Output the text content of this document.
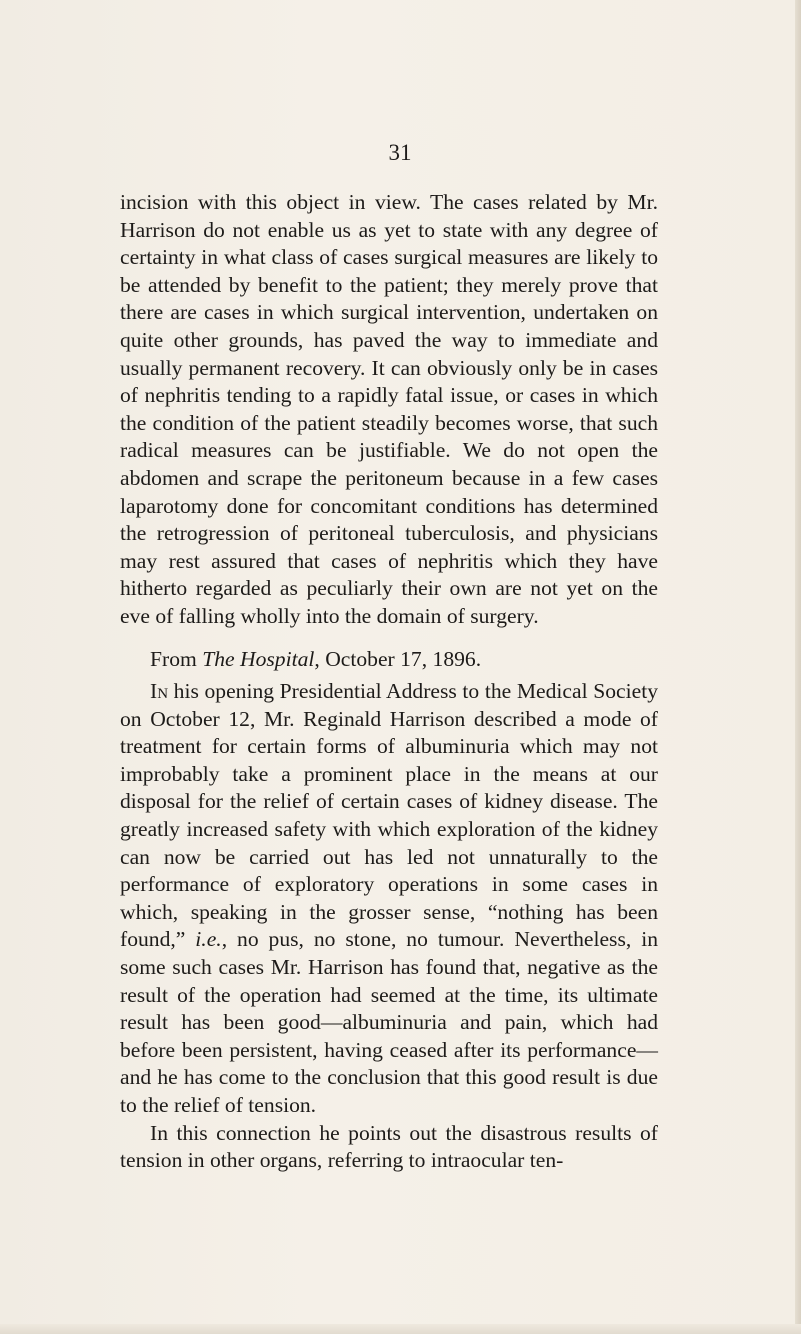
31

incision with this object in view. The cases related by Mr. Harrison do not enable us as yet to state with any degree of certainty in what class of cases surgical measures are likely to be attended by benefit to the patient; they merely prove that there are cases in which surgical intervention, undertaken on quite other grounds, has paved the way to immediate and usually permanent recovery. It can obviously only be in cases of nephritis tending to a rapidly fatal issue, or cases in which the condition of the patient steadily becomes worse, that such radical measures can be justifiable. We do not open the abdomen and scrape the peritoneum because in a few cases laparotomy done for concomitant conditions has determined the retrogression of peritoneal tuberculosis, and physicians may rest assured that cases of nephritis which they have hitherto regarded as peculiarly their own are not yet on the eve of falling wholly into the domain of surgery.

From The Hospital, October 17, 1896.

In his opening Presidential Address to the Medical Society on October 12, Mr. Reginald Harrison described a mode of treatment for certain forms of albuminuria which may not improbably take a prominent place in the means at our disposal for the relief of certain cases of kidney disease. The greatly increased safety with which exploration of the kidney can now be carried out has led not unnaturally to the performance of exploratory operations in some cases in which, speaking in the grosser sense, “nothing has been found,” i.e., no pus, no stone, no tumour. Nevertheless, in some such cases Mr. Harrison has found that, negative as the result of the operation had seemed at the time, its ultimate result has been good—albuminuria and pain, which had before been persistent, having ceased after its performance—and he has come to the conclusion that this good result is due to the relief of tension.

In this connection he points out the disastrous results of tension in other organs, referring to intraocular ten-
